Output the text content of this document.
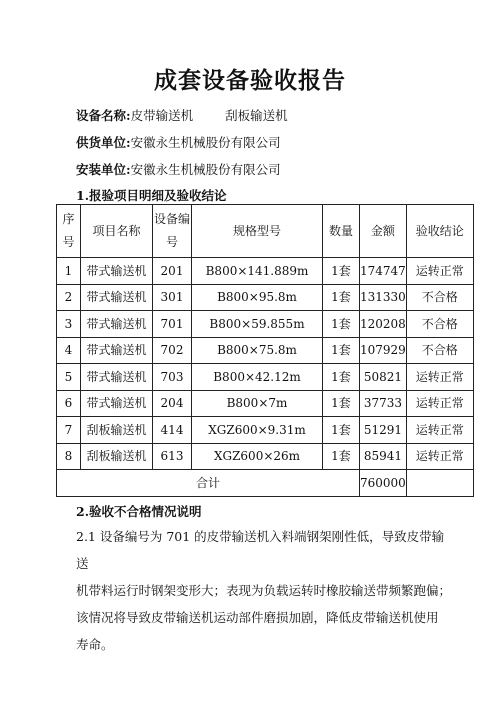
成套设备验收报告
设备名称:皮带输送机	刮板输送机
供货单位:安徽永生机械股份有限公司
安装单位:安徽永生机械股份有限公司
1.报验项目明细及验收结论
序号	项目名称	设备编号	规格型号	数量	金额	验收结论
1	带式输送机	201	B800×141.889m	1套	174747	运转正常
2	带式输送机	301	B800×95.8m	1套	131330	不合格
3	带式输送机	701	B800×59.855m	1套	120208	不合格
4	带式输送机	702	B800×75.8m	1套	107929	不合格
5	带式输送机	703	B800×42.12m	1套	50821	运转正常
6	带式输送机	204	B800×7m	1套	37733	运转正常
7	刮板输送机	414	XGZ600×9.31m	1套	51291	运转正常
8	刮板输送机	613	XGZ600×26m	1套	85941	运转正常
合计					760000	
2.验收不合格情况说明
2.1 设备编号为 701 的皮带输送机入料端钢架刚性低，导致皮带输送
机带料运行时钢架变形大；表现为负载运转时橡胶输送带频繁跑偏；
该情况将导致皮带输送机运动部件磨损加剧，降低皮带输送机使用
寿命。
